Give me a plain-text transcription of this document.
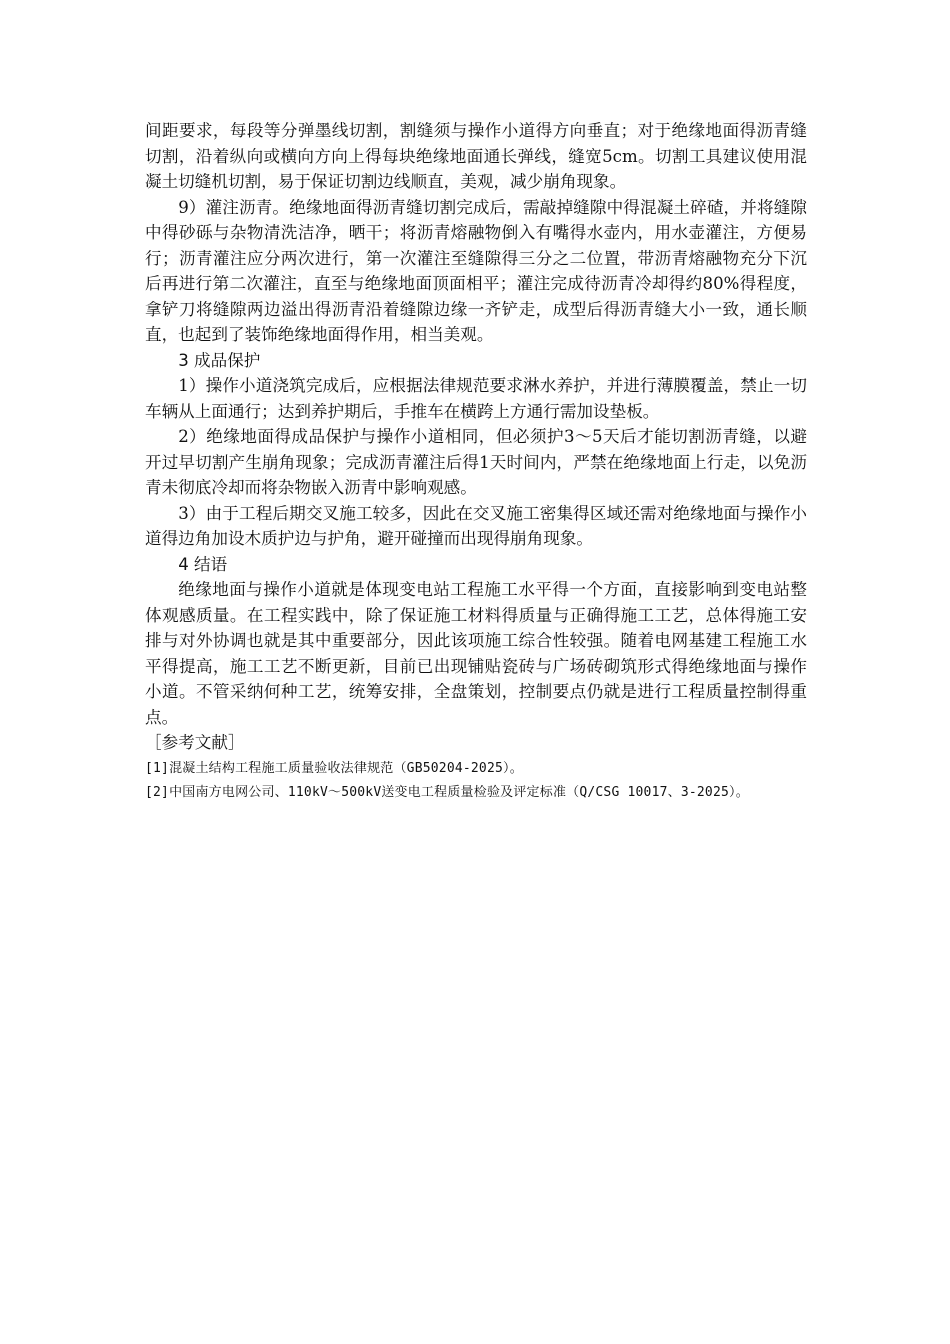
间距要求，每段等分弹墨线切割，割缝须与操作小道得方向垂直；对于绝缘地面得沥青缝切割，沿着纵向或横向方向上得每块绝缘地面通长弹线，缝宽5cm。切割工具建议使用混凝土切缝机切割，易于保证切割边线顺直，美观，减少崩角现象。

9）灌注沥青。绝缘地面得沥青缝切割完成后，需敲掉缝隙中得混凝土碎碴，并将缝隙中得砂砾与杂物清洗洁净，晒干；将沥青熔融物倒入有嘴得水壶内，用水壶灌注，方便易行；沥青灌注应分两次进行，第一次灌注至缝隙得三分之二位置，带沥青熔融物充分下沉后再进行第二次灌注，直至与绝缘地面顶面相平；灌注完成待沥青冷却得约80%得程度，拿铲刀将缝隙两边溢出得沥青沿着缝隙边缘一齐铲走，成型后得沥青缝大小一致，通长顺直，也起到了装饰绝缘地面得作用，相当美观。

3 成品保护

1）操作小道浇筑完成后，应根据法律规范要求淋水养护，并进行薄膜覆盖，禁止一切车辆从上面通行；达到养护期后，手推车在横跨上方通行需加设垫板。

2）绝缘地面得成品保护与操作小道相同，但必须护3～5天后才能切割沥青缝，以避开过早切割产生崩角现象；完成沥青灌注后得1天时间内，严禁在绝缘地面上行走，以免沥青未彻底冷却而将杂物嵌入沥青中影响观感。

3）由于工程后期交叉施工较多，因此在交叉施工密集得区域还需对绝缘地面与操作小道得边角加设木质护边与护角，避开碰撞而出现得崩角现象。

4 结语

绝缘地面与操作小道就是体现变电站工程施工水平得一个方面，直接影响到变电站整体观感质量。在工程实践中，除了保证施工材料得质量与正确得施工工艺，总体得施工安排与对外协调也就是其中重要部分，因此该项施工综合性较强。随着电网基建工程施工水平得提高，施工工艺不断更新，目前已出现铺贴瓷砖与广场砖砌筑形式得绝缘地面与操作小道。不管采纳何种工艺，统筹安排，全盘策划，控制要点仍就是进行工程质量控制得重点。

［参考文献］

[1]混凝土结构工程施工质量验收法律规范（GB50204-2025）。

[2]中国南方电网公司、110kV～500kV送变电工程质量检验及评定标准（Q/CSG 10017、3-2025）。
